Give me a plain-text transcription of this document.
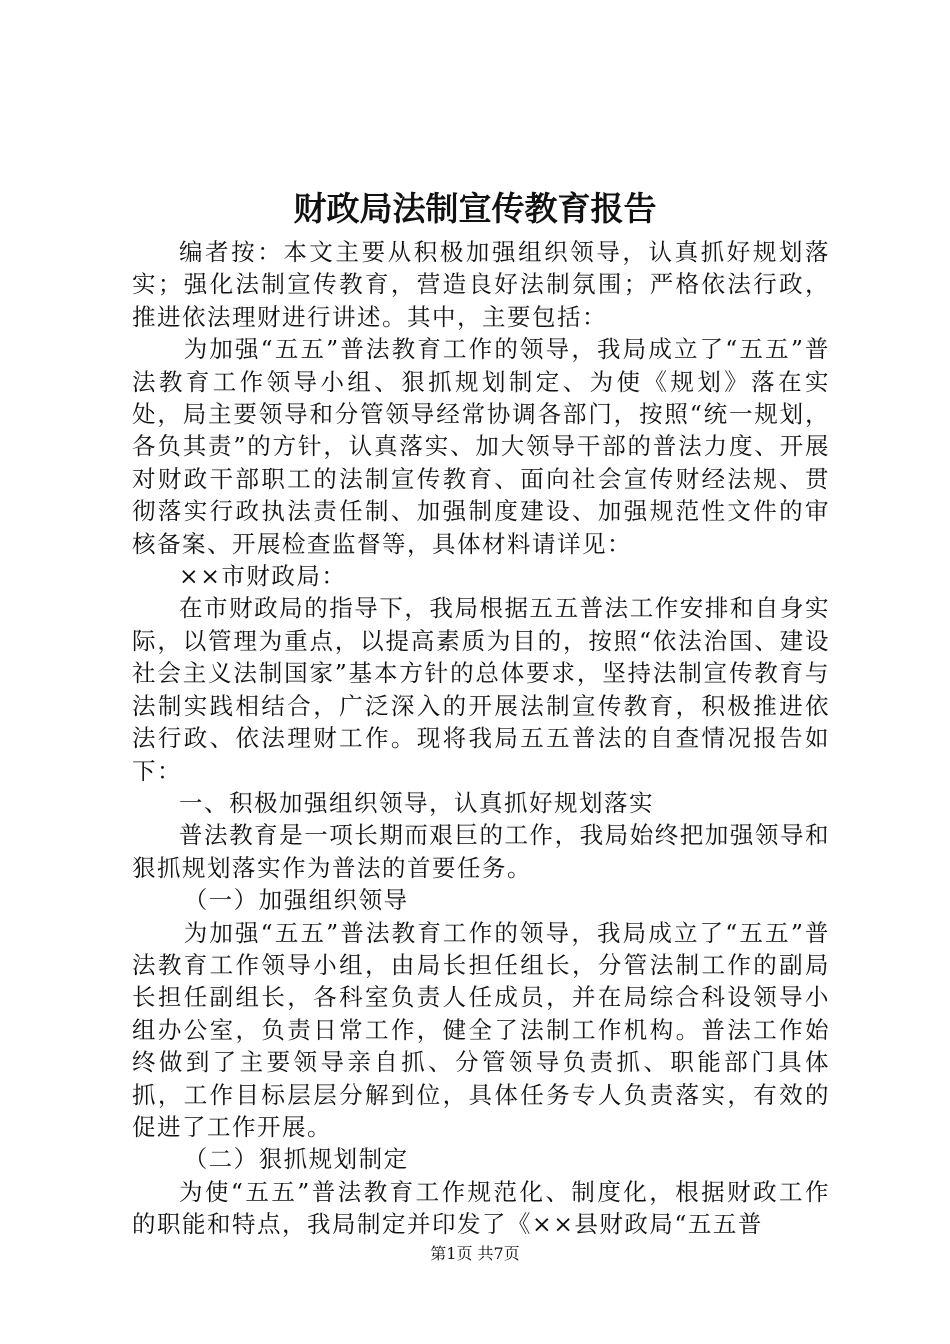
财政局法制宣传教育报告

编者按：本文主要从积极加强组织领导，认真抓好规划落实；强化法制宣传教育，营造良好法制氛围；严格依法行政，推进依法理财进行讲述。其中，主要包括：

为加强“五五”普法教育工作的领导，我局成立了“五五”普法教育工作领导小组、狠抓规划制定、为使《规划》落在实处，局主要领导和分管领导经常协调各部门，按照“统一规划，各负其责”的方针，认真落实、加大领导干部的普法力度、开展对财政干部职工的法制宣传教育、面向社会宣传财经法规、贯彻落实行政执法责任制、加强制度建设、加强规范性文件的审核备案、开展检查监督等，具体材料请详见：

××市财政局：

在市财政局的指导下，我局根据五五普法工作安排和自身实际，以管理为重点，以提高素质为目的，按照“依法治国、建设社会主义法制国家”基本方针的总体要求，坚持法制宣传教育与法制实践相结合，广泛深入的开展法制宣传教育，积极推进依法行政、依法理财工作。现将我局五五普法的自查情况报告如下：

一、积极加强组织领导，认真抓好规划落实

普法教育是一项长期而艰巨的工作，我局始终把加强领导和狠抓规划落实作为普法的首要任务。

（一）加强组织领导

为加强“五五”普法教育工作的领导，我局成立了“五五”普法教育工作领导小组，由局长担任组长，分管法制工作的副局长担任副组长，各科室负责人任成员，并在局综合科设领导小组办公室，负责日常工作，健全了法制工作机构。普法工作始终做到了主要领导亲自抓、分管领导负责抓、职能部门具体抓，工作目标层层分解到位，具体任务专人负责落实，有效的促进了工作开展。

（二）狠抓规划制定

为使“五五”普法教育工作规范化、制度化，根据财政工作的职能和特点，我局制定并印发了《××县财政局“五五普

第1页 共7页
